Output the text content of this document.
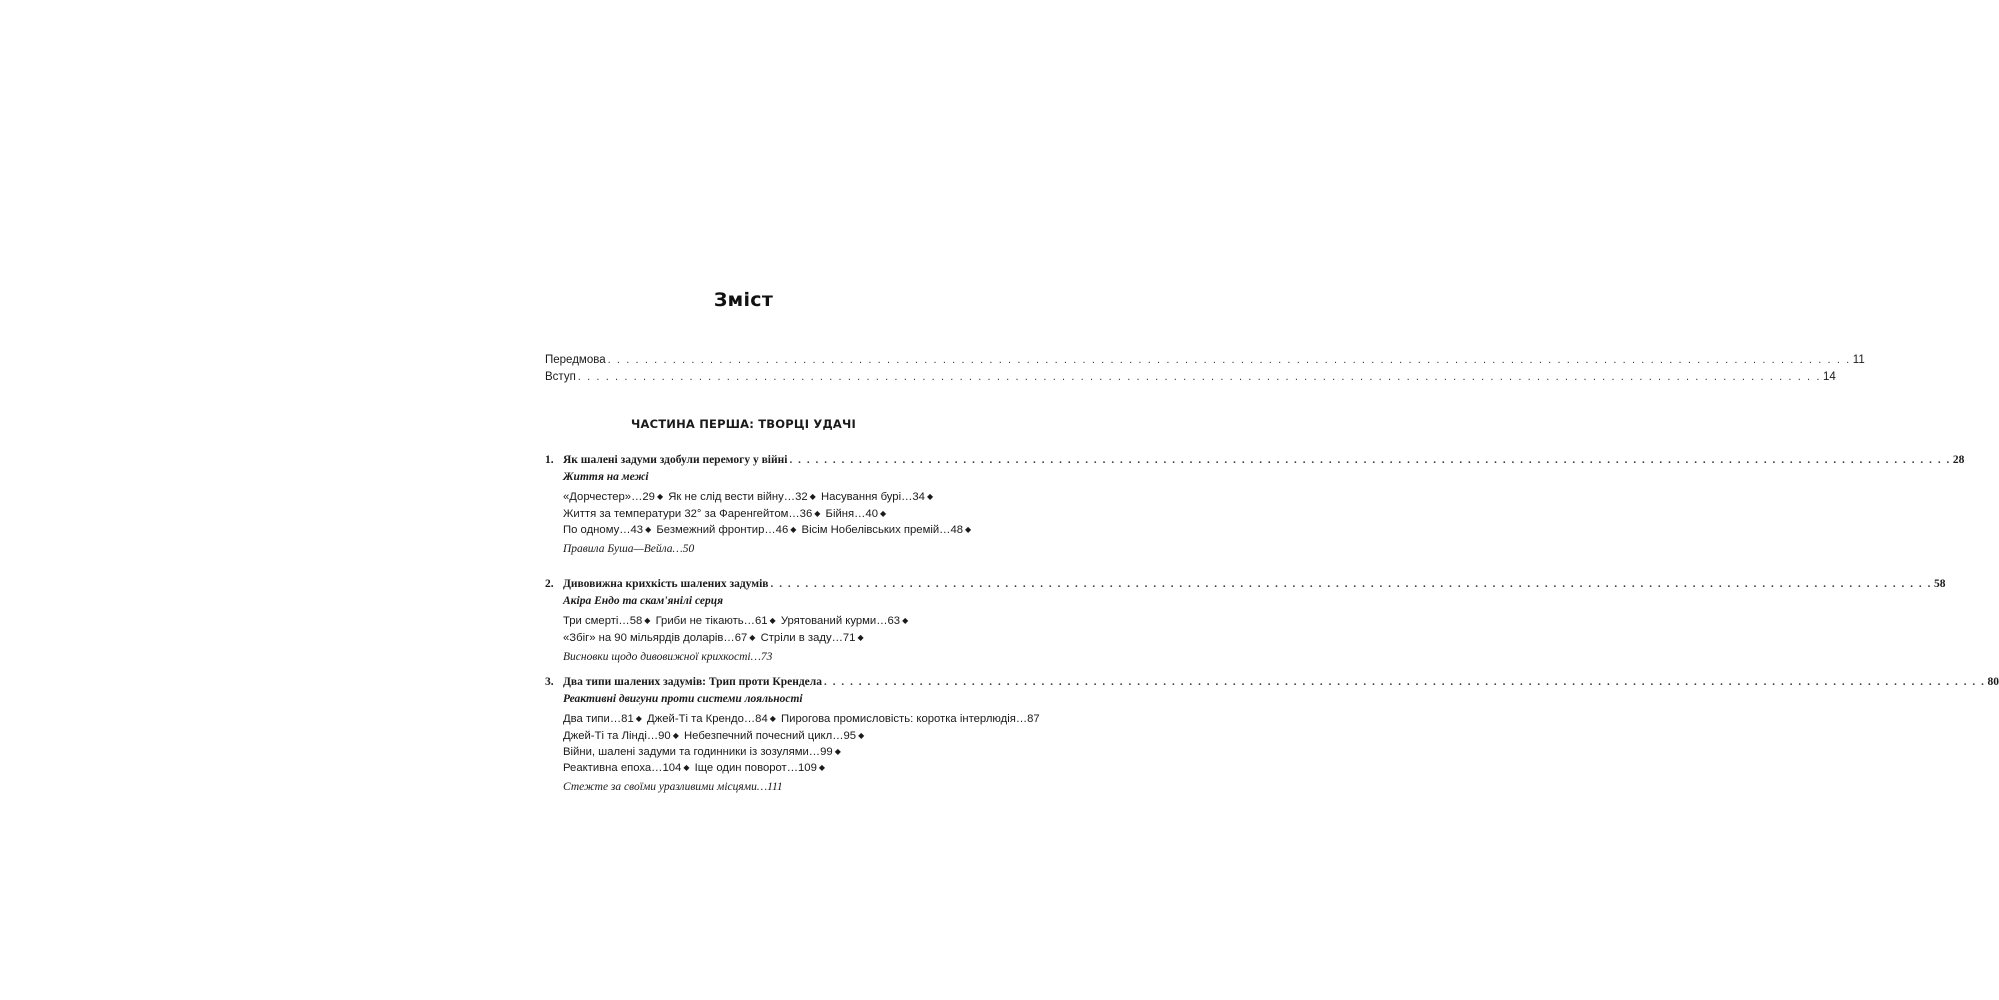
Зміст
Передмова . . .	11
Вступ . . .	14
ЧАСТИНА ПЕРША: ТВОРЦІ УДАЧІ
1. Як шалені задуми здобули перемогу у війні . . .	28
Життя на межі
«Дорчестер»…29 ◆ Як не слід вести війну…32 ◆ Насування бурі…34 ◆
Життя за температури 32° за Фаренгейтом…36 ◆ Бійня…40 ◆
По одному…43 ◆ Безмежний фронтир…46 ◆ Вісім Нобелівських премій…48 ◆
Правила Буша—Вейла…50
2. Дивовижна крихкість шалених задумів . . .	58
Акіра Ендо та скам'янілі серця
Три смерті…58 ◆ Гриби не тікають…61 ◆ Урятований курми…63 ◆
«Збіг» на 90 мільярдів доларів…67 ◆ Стріли в заду…71 ◆
Висновки щодо дивовижної крихкості…73
3. Два типи шалених задумів: Трип проти Крендела . . .	80
Реактивні двигуни проти системи лояльності
Два типи…81 ◆ Джей-Ті та Крендо…84 ◆ Пирогова промисловість: коротка інтерлюдія…87
Джей-Ті та Лінді…90 ◆ Небезпечний почесний цикл…95 ◆
Війни, шалені задуми та годинники із зозулями…99 ◆
Реактивна епоха…104 ◆ Іще один поворот…109 ◆
Стежте за своїми уразливими місцями…111
